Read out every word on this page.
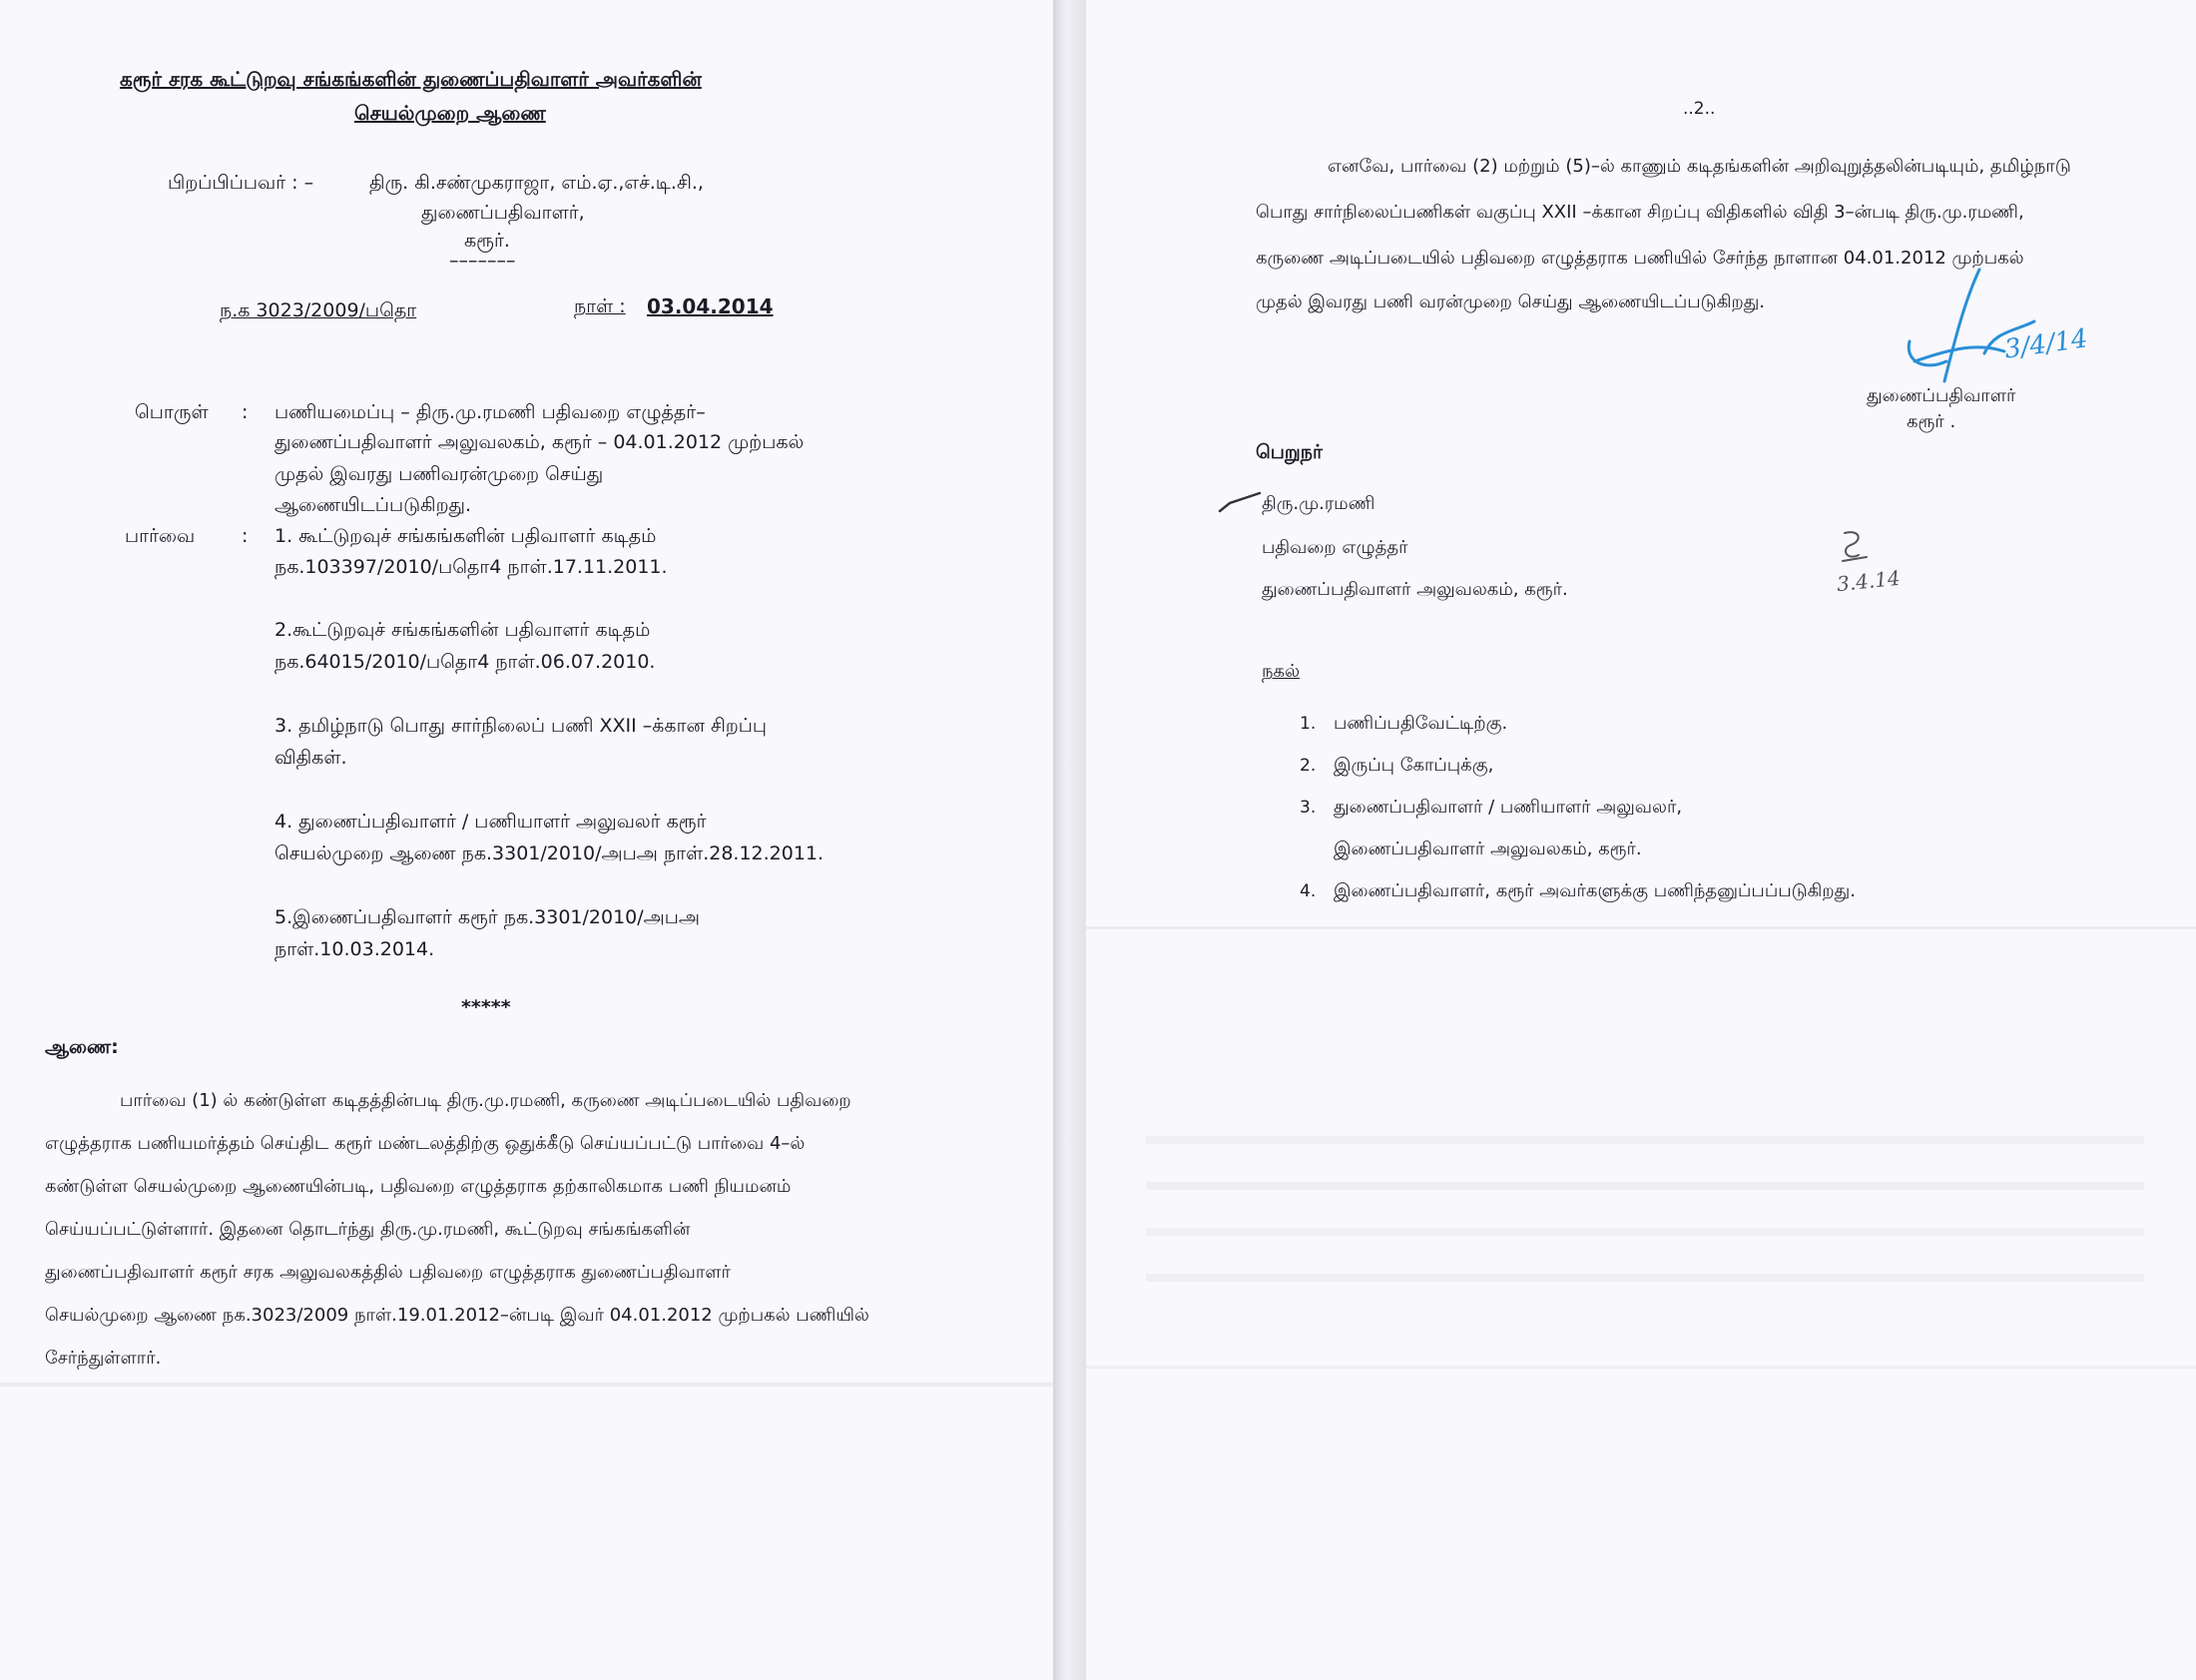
கரூர் சரக கூட்டுறவு சங்கங்களின் துணைப்பதிவாளர் அவர்களின்
செயல்முறை ஆணை
பிறப்பிப்பவர் : –	திரு. கி.சண்முகராஜா, எம்.ஏ.,எச்.டி.சி.,
துணைப்பதிவாளர்,
கரூர்.
–––––––
ந.க 3023/2009/பதொ	நாள் : 03.04.2014
பொருள் : பணியமைப்பு – திரு.மு.ரமணி பதிவறை எழுத்தர்–
துணைப்பதிவாளர் அலுவலகம், கரூர் – 04.01.2012 முற்பகல்
முதல் இவரது பணிவரன்முறை செய்து
ஆணையிடப்படுகிறது.
பார்வை : 1. கூட்டுறவுச் சங்கங்களின் பதிவாளர் கடிதம்
நக.103397/2010/பதொ4 நாள்.17.11.2011.
2.கூட்டுறவுச் சங்கங்களின் பதிவாளர் கடிதம்
நக.64015/2010/பதொ4 நாள்.06.07.2010.
3. தமிழ்நாடு பொது சார்நிலைப் பணி XXII –க்கான சிறப்பு
விதிகள்.
4. துணைப்பதிவாளர் / பணியாளர் அலுவலர் கரூர்
செயல்முறை ஆணை நக.3301/2010/அபஅ நாள்.28.12.2011.
5.இணைப்பதிவாளர் கரூர் நக.3301/2010/அபஅ
நாள்.10.03.2014.
*****
ஆணை:
பார்வை (1) ல் கண்டுள்ள கடிதத்தின்படி திரு.மு.ரமணி, கருணை அடிப்படையில் பதிவறை
எழுத்தராக பணியமர்த்தம் செய்திட கரூர் மண்டலத்திற்கு ஒதுக்கீடு செய்யப்பட்டு பார்வை 4–ல்
கண்டுள்ள செயல்முறை ஆணையின்படி, பதிவறை எழுத்தராக தற்காலிகமாக பணி நியமனம்
செய்யப்பட்டுள்ளார். இதனை தொடர்ந்து திரு.மு.ரமணி, கூட்டுறவு சங்கங்களின்
துணைப்பதிவாளர் கரூர் சரக அலுவலகத்தில் பதிவறை எழுத்தராக துணைப்பதிவாளர்
செயல்முறை ஆணை நக.3023/2009 நாள்.19.01.2012–ன்படி இவர் 04.01.2012 முற்பகல் பணியில்
சேர்ந்துள்ளார்.
..2..
எனவே, பார்வை (2) மற்றும் (5)–ல் காணும் கடிதங்களின் அறிவுறுத்தலின்படியும், தமிழ்நாடு
பொது சார்நிலைப்பணிகள் வகுப்பு XXII –க்கான சிறப்பு விதிகளில் விதி 3–ன்படி திரு.மு.ரமணி,
கருணை அடிப்படையில் பதிவறை எழுத்தராக பணியில் சேர்ந்த நாளான 04.01.2012 முற்பகல்
முதல் இவரது பணி வரன்முறை செய்து ஆணையிடப்படுகிறது.
3/4/14
துணைப்பதிவாளர்
கரூர் .
பெறுநர்
திரு.மு.ரமணி
பதிவறை எழுத்தர்
துணைப்பதிவாளர் அலுவலகம், கரூர்.	3.4.14
நகல்
1. பணிப்பதிவேட்டிற்கு.
2. இருப்பு கோப்புக்கு,
3. துணைப்பதிவாளர் / பணியாளர் அலுவலர்,
இணைப்பதிவாளர் அலுவலகம், கரூர்.
4. இணைப்பதிவாளர், கரூர் அவர்களுக்கு பணிந்தனுப்பப்படுகிறது.
